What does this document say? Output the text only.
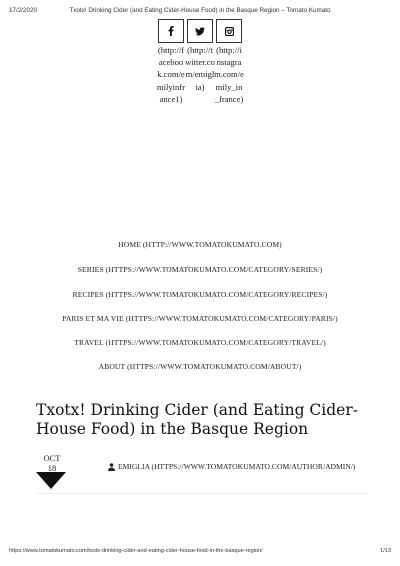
17/2/2020	Txotx! Drinking Cider (and Eating Cider-House Food) in the Basque Region – Tomato Kumato
(http://facebook.com/emilyinfrance1)
(http://twitter.com/emiglia)
(http://instagram.com/emily_in_france)
HOME (HTTP://WWW.TOMATOKUMATO.COM)
SERIES (HTTPS://WWW.TOMATOKUMATO.COM/CATEGORY/SERIES/)
RECIPES (HTTPS://WWW.TOMATOKUMATO.COM/CATEGORY/RECIPES/)
PARIS ET MA VIE (HTTPS://WWW.TOMATOKUMATO.COM/CATEGORY/PARIS/)
TRAVEL (HTTPS://WWW.TOMATOKUMATO.COM/CATEGORY/TRAVEL/)
ABOUT (HTTPS://WWW.TOMATOKUMATO.COM/ABOUT/)
Txotx! Drinking Cider (and Eating Cider-House Food) in the Basque Region
OCT
18	EMIGLIA (HTTPS://WWW.TOMATOKUMATO.COM/AUTHOR/ADMIN/)
https://www.tomatokumato.com/txotx-drinking-cider-and-eating-cider-house-food-in-the-basque-region/	1/13
